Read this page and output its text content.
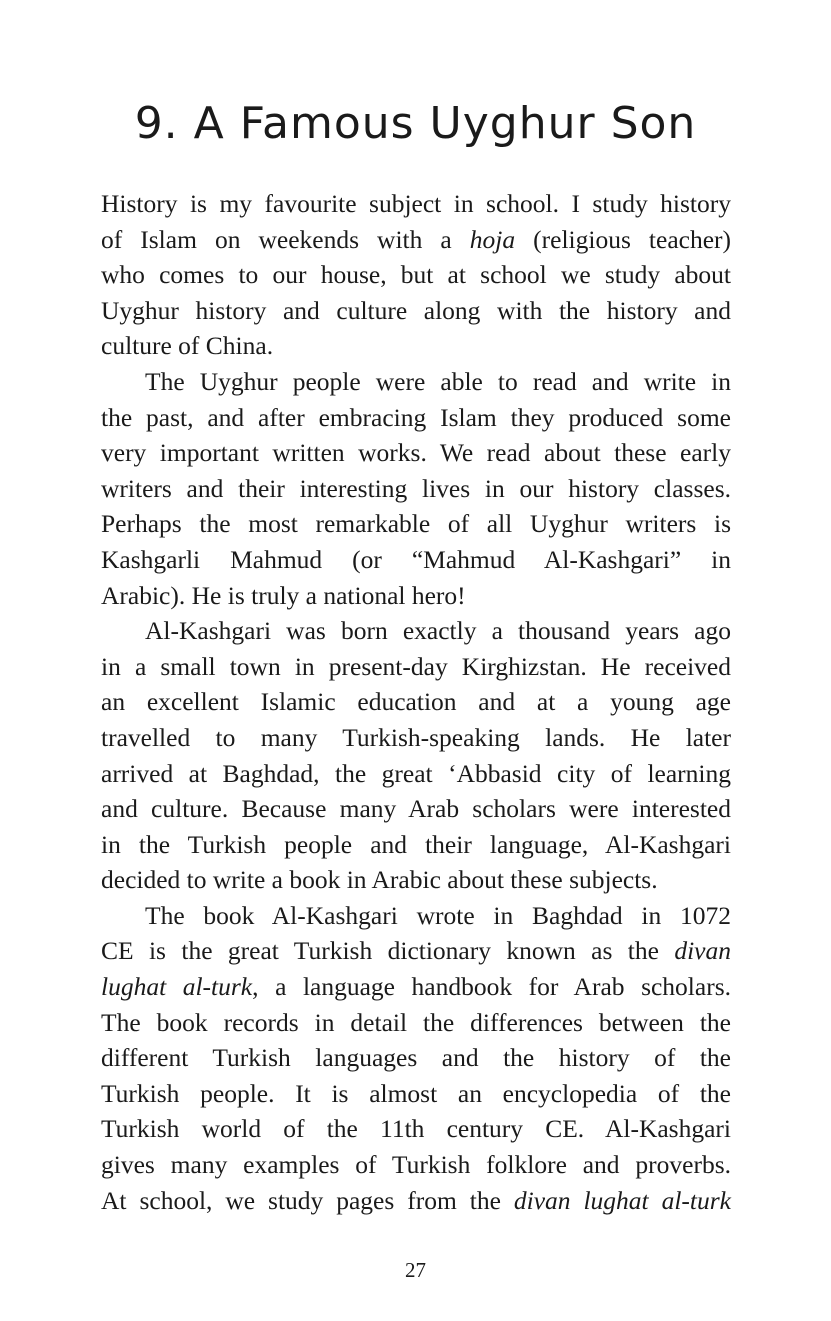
9. A Famous Uyghur Son
History is my favourite subject in school. I study history
of Islam on weekends with a hoja (religious teacher)
who comes to our house, but at school we study about
Uyghur history and culture along with the history and
culture of China.
The Uyghur people were able to read and write in
the past, and after embracing Islam they produced some
very important written works. We read about these early
writers and their interesting lives in our history classes.
Perhaps the most remarkable of all Uyghur writers is
Kashgarli Mahmud (or “Mahmud Al-Kashgari” in
Arabic). He is truly a national hero!
Al-Kashgari was born exactly a thousand years ago
in a small town in present-day Kirghizstan. He received
an excellent Islamic education and at a young age
travelled to many Turkish-speaking lands. He later
arrived at Baghdad, the great ‘Abbasid city of learning
and culture. Because many Arab scholars were interested
in the Turkish people and their language, Al-Kashgari
decided to write a book in Arabic about these subjects.
The book Al-Kashgari wrote in Baghdad in 1072
CE is the great Turkish dictionary known as the divan
lughat al-turk, a language handbook for Arab scholars.
The book records in detail the differences between the
different Turkish languages and the history of the
Turkish people. It is almost an encyclopedia of the
Turkish world of the 11th century CE. Al-Kashgari
gives many examples of Turkish folklore and proverbs.
At school, we study pages from the divan lughat al-turk
27
